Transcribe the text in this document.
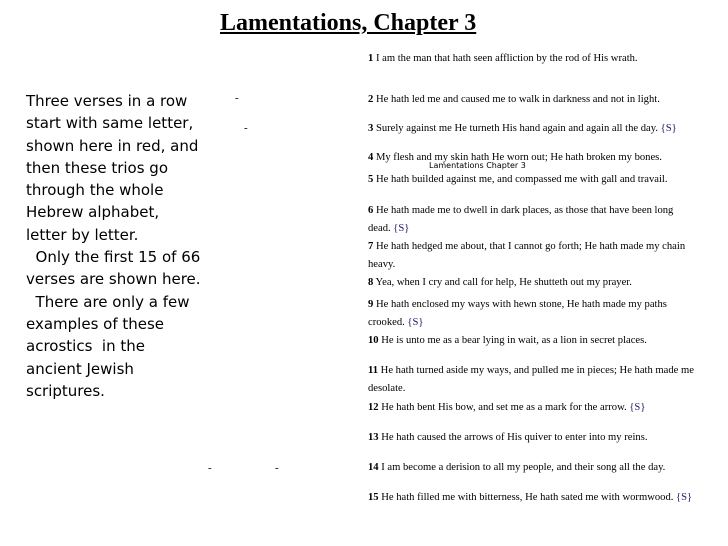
Lamentations, Chapter 3

Three verses in a row start with same letter, shown here in red, and then these trios go through the whole Hebrew alphabet, letter by letter.

Only the first 15 of 66 verses are shown here.

There are only a few examples of these acrostics  in the ancient Jewish scriptures.

-
-
-	-
1 I am the man that hath seen affliction by the rod of His wrath.
2 He hath led me and caused me to walk in darkness and not in light.
3 Surely against me He turneth His hand again and again all the day. {S}
4 My flesh and my skin hath He worn out; He hath broken my bones.
5 He hath builded against me, and compassed me with gall and travail.
6 He hath made me to dwell in dark places, as those that have been long dead. {S}
7 He hath hedged me about, that I cannot go forth; He hath made my chain heavy.
8 Yea, when I cry and call for help, He shutteth out my prayer.
9 He hath enclosed my ways with hewn stone, He hath made my paths crooked. {S}
10 He is unto me as a bear lying in wait, as a lion in secret places.
11 He hath turned aside my ways, and pulled me in pieces; He hath made me desolate.
12 He hath bent His bow, and set me as a mark for the arrow. {S}
13 He hath caused the arrows of His quiver to enter into my reins.
14 I am become a derision to all my people, and their song all the day.
15 He hath filled me with bitterness, He hath sated me with wormwood. {S}
Lamentations Chapter 3
